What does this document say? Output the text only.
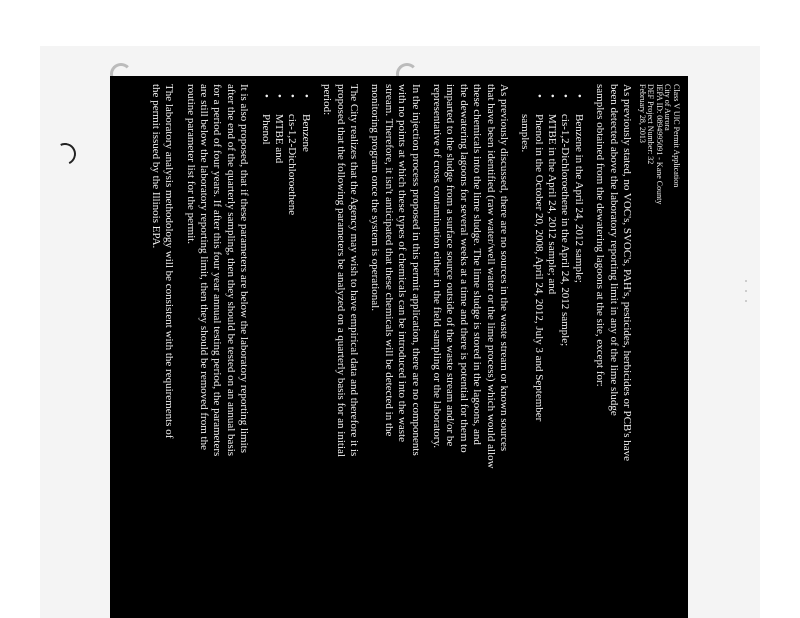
Class V UIC Permit Application
City of Aurora
IEPA ID: 0894995091 - Kane County
DEF Project Number: 32
February 28, 2013
As previously stated, no VOC's, SVOC's, PAH's, pesticides, herbicides or PCB's have
been detected above the laboratory reporting limit in any of the lime sludge
samples obtained from the dewatering lagoons at the site, except for:
•
Benzene in the April 24, 2012 sample;
•
cis-1,2-Dichloroethene in the April 24, 2012 sample;
•
MTBE in the April 24, 2012 sample; and
•
Phenol in the October 20, 2008, April 24, 2012, July 3 and September
samples.
As previously discussed, there are no sources in the waste stream or known sources
that have been identified (raw water/well water or the lime process) which would allow
these chemicals into the lime sludge. The lime sludge is stored in the lagoons, and
the dewatering lagoons for several weeks at a time and there is potential for them to
imparted to the sludge from a surface source outside of the waste stream and/or be
representative of cross contamination either in the field sampling or the laboratory.
In the injection process proposed in this permit application, there are no components
with no points at which these types of chemicals can be introduced into the waste
stream. Therefore, it isn't anticipated that these chemicals will be detected in the
monitoring program once the system is operational.
The City realizes that the Agency may wish to have empirical data and therefore it is
proposed that the following parameters be analyzed on a quarterly basis for an initial
period:
•
Benzene
•
cis-1,2-Dichloroethene
•
MTBE and
•
Phenol
It is also proposed, that if these parameters are below the laboratory reporting limits
after the end of the quarterly sampling, then they should be tested on an annual basis
for a period of four years. If after this four year annual testing period, the parameters
are still below the laboratory reporting limit, then they should be removed from the
routine parameter list for the permit.
The laboratory analysis methodology will be consistent with the requirements of
the permit issued by the Illinois EPA.
